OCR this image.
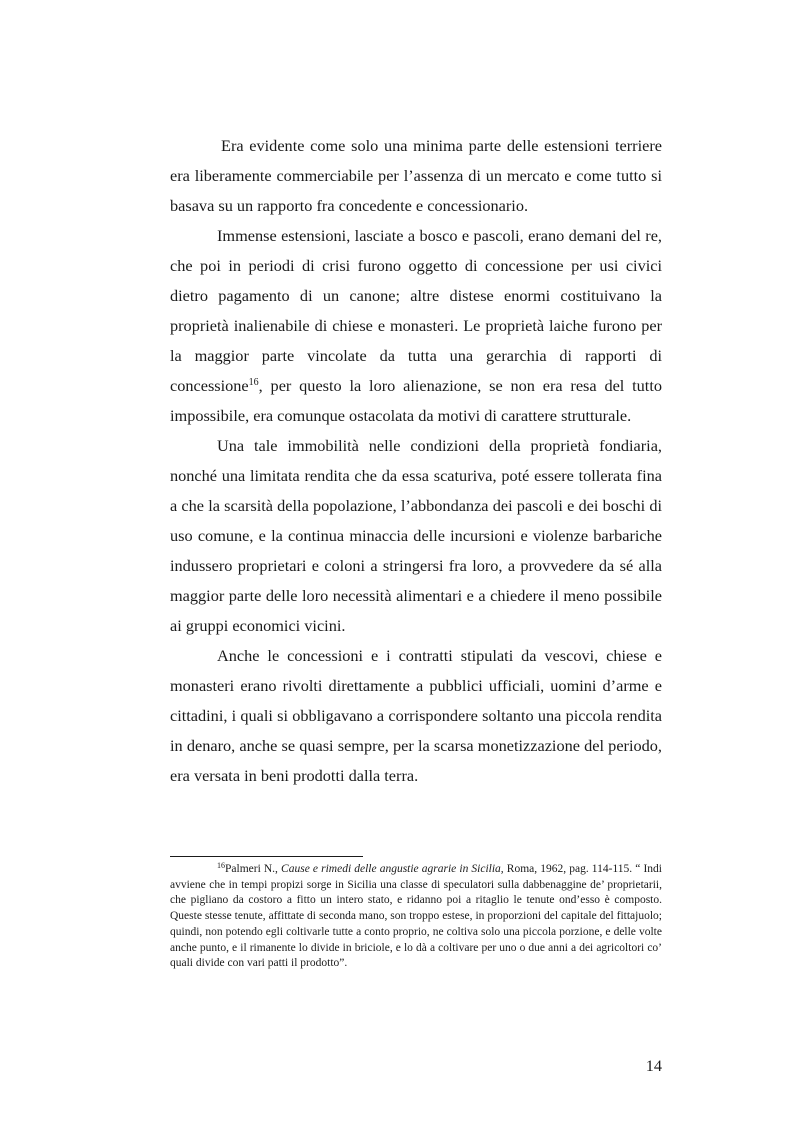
Era evidente come solo una minima parte delle estensioni terriere era liberamente commerciabile per l’assenza di un mercato e come tutto si basava su un rapporto fra concedente e concessionario.

Immense estensioni, lasciate a bosco e pascoli, erano demani del re, che poi in periodi di crisi furono oggetto di concessione per usi civici dietro pagamento di un canone; altre distese enormi costituivano la proprietà inalienabile di chiese e monasteri. Le proprietà laiche furono per la maggior parte vincolate da tutta una gerarchia di rapporti di concessione$^{16}$, per questo la loro alienazione, se non era resa del tutto impossibile, era comunque ostacolata da motivi di carattere strutturale.

Una tale immobilità nelle condizioni della proprietà fondiaria, nonché una limitata rendita che da essa scaturiva, poté essere tollerata fina a che la scarsità della popolazione, l’abbondanza dei pascoli e dei boschi di uso comune, e la continua minaccia delle incursioni e violenze barbariche indussero proprietari e coloni a stringersi fra loro, a provvedere da sé alla maggior parte delle loro necessità alimentari e a chiedere il meno possibile ai gruppi economici vicini.

Anche le concessioni e i contratti stipulati da vescovi, chiese e monasteri erano rivolti direttamente a pubblici ufficiali, uomini d’arme e cittadini, i quali si obbligavano a corrispondere soltanto una piccola rendita in denaro, anche se quasi sempre, per la scarsa monetizzazione del periodo, era versata in beni prodotti dalla terra.

$^{16}$Palmeri N., Cause e rimedi delle angustie agrarie in Sicilia, Roma, 1962, pag. 114-115. “ Indi avviene che in tempi propizi sorge in Sicilia una classe di speculatori sulla dabbenaggine de’ proprietarii, che pigliano da costoro a fitto un intero stato, e ridanno poi a ritaglio le tenute ond’esso è composto. Queste stesse tenute, affittate di seconda mano, son troppo estese, in proporzioni del capitale del fittajuolo; quindi, non potendo egli coltivarle tutte a conto proprio, ne coltiva solo una piccola porzione, e delle volte anche punto, e il rimanente lo divide in briciole, e lo dà a coltivare per uno o due anni a dei agricoltori co’ quali divide con vari patti il prodotto”.

14
